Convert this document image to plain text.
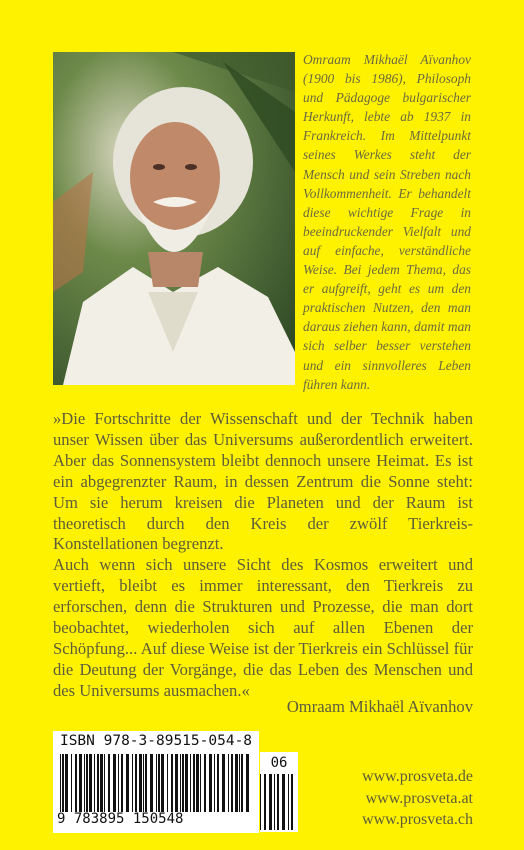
Omraam Mikhaël Aïvanhov (1900 bis 1986), Philosoph und Pädagoge bulgarischer Herkunft, lebte ab 1937 in Frankreich. Im Mittelpunkt seines Werkes steht der Mensch und sein Streben nach Vollkommenheit. Er behandelt diese wichtige Frage in beeindruckender Vielfalt und auf einfache, verständliche Weise. Bei jedem Thema, das er aufgreift, geht es um den praktischen Nutzen, den man daraus ziehen kann, damit man sich selber besser verstehen und ein sinnvolleres Leben führen kann.

»Die Fortschritte der Wissenschaft und der Technik haben unser Wissen über das Universums außerordentlich erweitert. Aber das Sonnensystem bleibt dennoch unsere Heimat. Es ist ein abgegrenzter Raum, in dessen Zentrum die Sonne steht: Um sie herum kreisen die Planeten und der Raum ist theoretisch durch den Kreis der zwölf Tierkreis-Konstellationen begrenzt.

Auch wenn sich unsere Sicht des Kosmos erweitert und vertieft, bleibt es immer interessant, den Tierkreis zu erforschen, denn die Strukturen und Prozesse, die man dort beobachtet, wiederholen sich auf allen Ebenen der Schöpfung... Auf diese Weise ist der Tierkreis ein Schlüssel für die Deutung der Vorgänge, die das Leben des Menschen und des Universums ausmachen.«

Omraam Mikhaël Aïvanhov
ISBN 978-3-89515-054-8
9 783895 150548
06
www.prosveta.de
www.prosveta.at
www.prosveta.ch
